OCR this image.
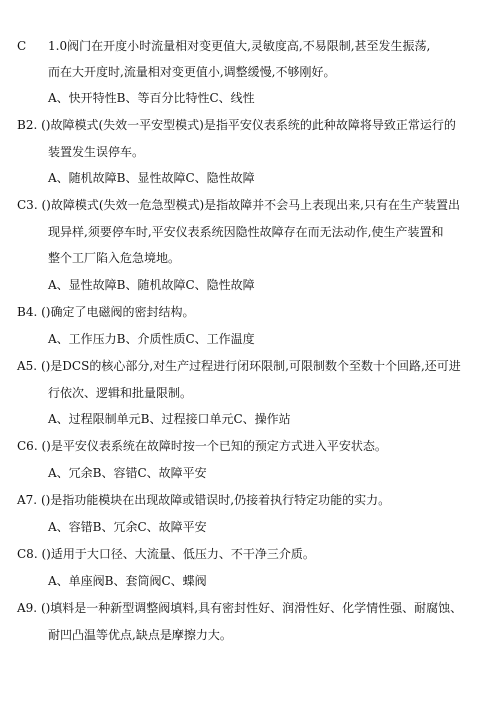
C 1.0阀门在开度小时流量相对变更值大,灵敏度高,不易限制,甚至发生振荡,
而在大开度时,流量相对变更值小,调整缓慢,不够刚好。
A、快开特性B、等百分比特性C、线性
B2. ()故障模式(失效一平安型模式)是指平安仪表系统的此种故障将导致正常运行的
装置发生误停车。
A、随机故障B、显性故障C、隐性故障
C3. ()故障模式(失效一危急型模式)是指故障并不会马上表现出来,只有在生产装置出
现异样,须要停车时,平安仪表系统因隐性故障存在而无法动作,使生产装置和
整个工厂陷入危急境地。
A、显性故障B、随机故障C、隐性故障
B4. ()确定了电磁阀的密封结构。
A、工作压力B、介质性质C、工作温度
A5. ()是DCS的核心部分,对生产过程进行闭环限制,可限制数个至数十个回路,还可进
行依次、逻辑和批量限制。
A、过程限制单元B、过程接口单元C、操作站
C6. ()是平安仪表系统在故障时按一个已知的预定方式进入平安状态。
A、冗余B、容错C、故障平安
A7. ()是指功能模块在出现故障或错误时,仍接着执行特定功能的实力。
A、容错B、冗余C、故障平安
C8. ()适用于大口径、大流量、低压力、不干净三介质。
A、单座阀B、套筒阀C、蝶阀
A9. ()填料是一种新型调整阀填料,具有密封性好、润滑性好、化学情性强、耐腐蚀、
耐凹凸温等优点,缺点是摩擦力大。
